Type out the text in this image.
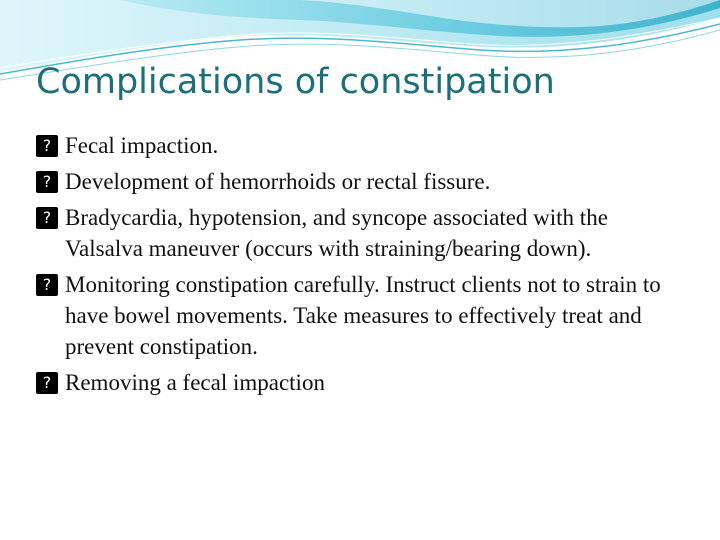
Complications of constipation
? Fecal impaction.
? Development of hemorrhoids or rectal fissure.
? Bradycardia, hypotension, and syncope associated with the Valsalva maneuver (occurs with straining/bearing down).
? Monitoring constipation carefully. Instruct clients not to strain to have bowel movements. Take measures to effectively treat and prevent constipation.
? Removing a fecal impaction
